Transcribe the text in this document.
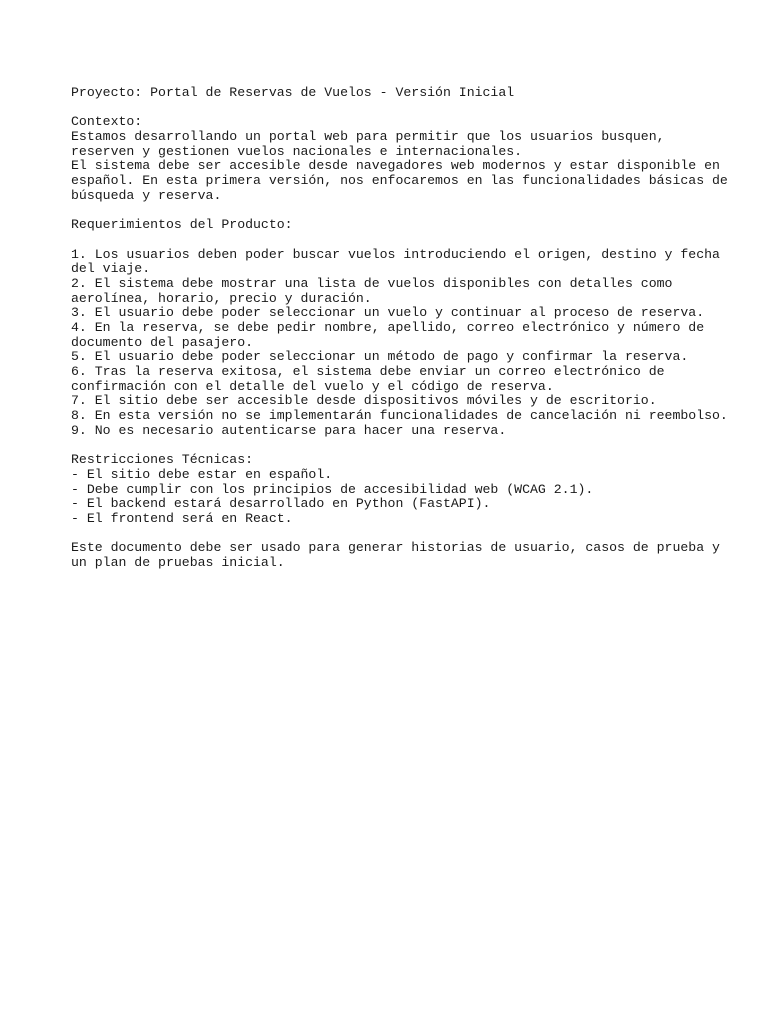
Proyecto: Portal de Reservas de Vuelos - Versión Inicial
Contexto:
Estamos desarrollando un portal web para permitir que los usuarios busquen,
reserven y gestionen vuelos nacionales e internacionales.
El sistema debe ser accesible desde navegadores web modernos y estar disponible en
español. En esta primera versión, nos enfocaremos en las funcionalidades básicas de
búsqueda y reserva.
Requerimientos del Producto:
1. Los usuarios deben poder buscar vuelos introduciendo el origen, destino y fecha
del viaje.
2. El sistema debe mostrar una lista de vuelos disponibles con detalles como
aerolínea, horario, precio y duración.
3. El usuario debe poder seleccionar un vuelo y continuar al proceso de reserva.
4. En la reserva, se debe pedir nombre, apellido, correo electrónico y número de
documento del pasajero.
5. El usuario debe poder seleccionar un método de pago y confirmar la reserva.
6. Tras la reserva exitosa, el sistema debe enviar un correo electrónico de
confirmación con el detalle del vuelo y el código de reserva.
7. El sitio debe ser accesible desde dispositivos móviles y de escritorio.
8. En esta versión no se implementarán funcionalidades de cancelación ni reembolso.
9. No es necesario autenticarse para hacer una reserva.
Restricciones Técnicas:
- El sitio debe estar en español.
- Debe cumplir con los principios de accesibilidad web (WCAG 2.1).
- El backend estará desarrollado en Python (FastAPI).
- El frontend será en React.
Este documento debe ser usado para generar historias de usuario, casos de prueba y
un plan de pruebas inicial.
